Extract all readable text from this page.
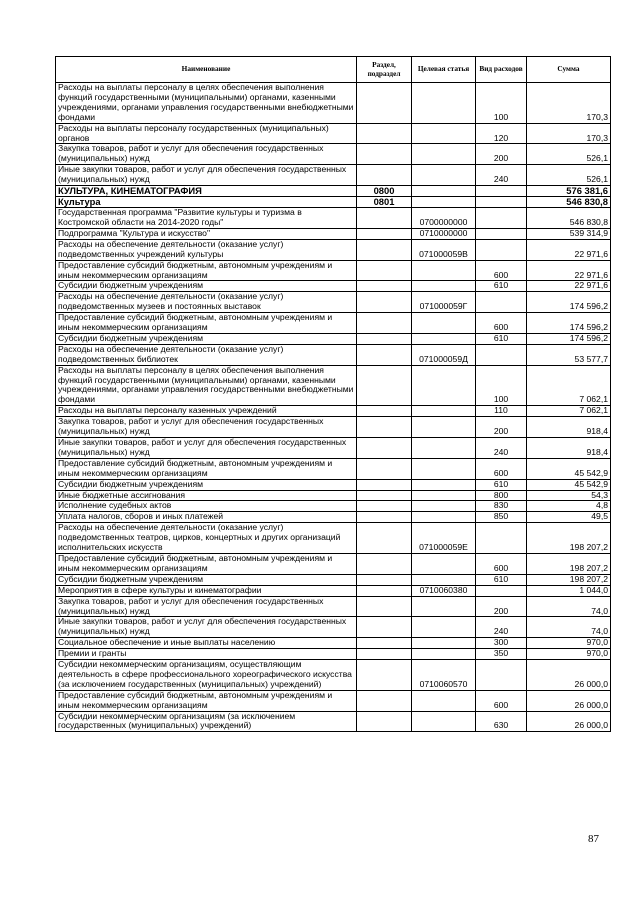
Наименование	Раздел, подраздел	Целевая статья	Вид расходов	Сумма
Расходы на выплаты персоналу в целях обеспечения выполнения функций государственными (муниципальными) органами, казенными учреждениями, органами управления государственными внебюджетными фондами			100	170,3
Расходы на выплаты персоналу государственных (муниципальных) органов			120	170,3
Закупка товаров, работ и услуг для обеспечения государственных (муниципальных) нужд			200	526,1
Иные закупки товаров, работ и услуг для обеспечения государственных (муниципальных) нужд			240	526,1
КУЛЬТУРА, КИНЕМАТОГРАФИЯ	0800			576 381,6
Культура	0801			546 830,8
Государственная программа "Развитие культуры и туризма в Костромской области на 2014-2020 годы"		0700000000		546 830,8
Подпрограмма "Культура и искусство"		0710000000		539 314,9
Расходы на обеспечение деятельности (оказание услуг) подведомственных учреждений культуры		071000059В		22 971,6
Предоставление субсидий бюджетным, автономным учреждениям и иным некоммерческим организациям			600	22 971,6
Субсидии бюджетным учреждениям			610	22 971,6
Расходы на обеспечение деятельности (оказание услуг) подведомственных музеев и постоянных выставок		071000059Г		174 596,2
Предоставление субсидий бюджетным, автономным учреждениям и иным некоммерческим организациям			600	174 596,2
Субсидии бюджетным учреждениям			610	174 596,2
Расходы на обеспечение деятельности (оказание услуг) подведомственных библиотек		071000059Д		53 577,7
Расходы на выплаты персоналу в целях обеспечения выполнения функций государственными (муниципальными) органами, казенными учреждениями, органами управления государственными внебюджетными фондами			100	7 062,1
Расходы на выплаты персоналу казенных учреждений			110	7 062,1
Закупка товаров, работ и услуг для обеспечения государственных (муниципальных) нужд			200	918,4
Иные закупки товаров, работ и услуг для обеспечения государственных (муниципальных) нужд			240	918,4
Предоставление субсидий бюджетным, автономным учреждениям и иным некоммерческим организациям			600	45 542,9
Субсидии бюджетным учреждениям			610	45 542,9
Иные бюджетные ассигнования			800	54,3
Исполнение судебных актов			830	4,8
Уплата налогов, сборов и иных платежей			850	49,5
Расходы на обеспечение деятельности (оказание услуг) подведомственных театров, цирков, концертных и других организаций исполнительских искусств		071000059Е		198 207,2
Предоставление субсидий бюджетным, автономным учреждениям и иным некоммерческим организациям			600	198 207,2
Субсидии бюджетным учреждениям			610	198 207,2
Мероприятия в сфере культуры и кинематографии		0710060380		1 044,0
Закупка товаров, работ и услуг для обеспечения государственных (муниципальных) нужд			200	74,0
Иные закупки товаров, работ и услуг для обеспечения государственных (муниципальных) нужд			240	74,0
Социальное обеспечение и иные выплаты населению			300	970,0
Премии и гранты			350	970,0
Субсидии некоммерческим организациям, осуществляющим деятельность в сфере профессионального хореографического искусства (за исключением государственных (муниципальных) учреждений)		0710060570		26 000,0
Предоставление субсидий бюджетным, автономным учреждениям и иным некоммерческим организациям			600	26 000,0
Субсидии некоммерческим организациям (за исключением государственных (муниципальных) учреждений)			630	26 000,0
87
